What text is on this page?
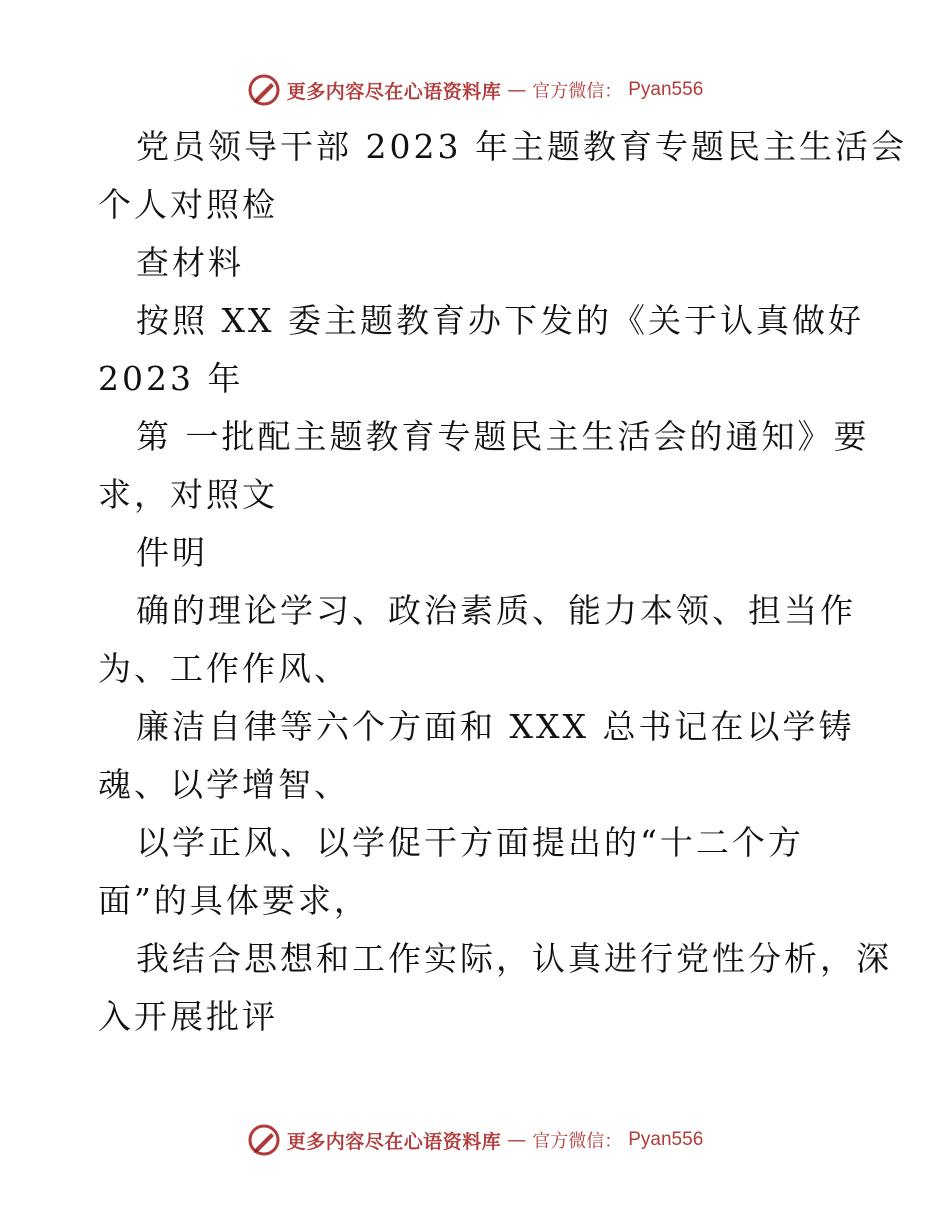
更多内容尽在心语资料库 — 官方微信： Pyan556
党员领导干部 2023 年主题教育专题民主生活会
个人对照检
查材料
按照 XX 委主题教育办下发的《关于认真做好
2023 年
第 一批配主题教育专题民主生活会的通知》要
求，对照文
件明
确的理论学习、政治素质、能力本领、担当作
为、工作作风、
廉洁自律等六个方面和 XXX 总书记在以学铸
魂、以学增智、
以学正风、以学促干方面提出的“十二个方
面”的具体要求，
我结合思想和工作实际，认真进行党性分析，深
入开展批评
更多内容尽在心语资料库 — 官方微信： Pyan556
